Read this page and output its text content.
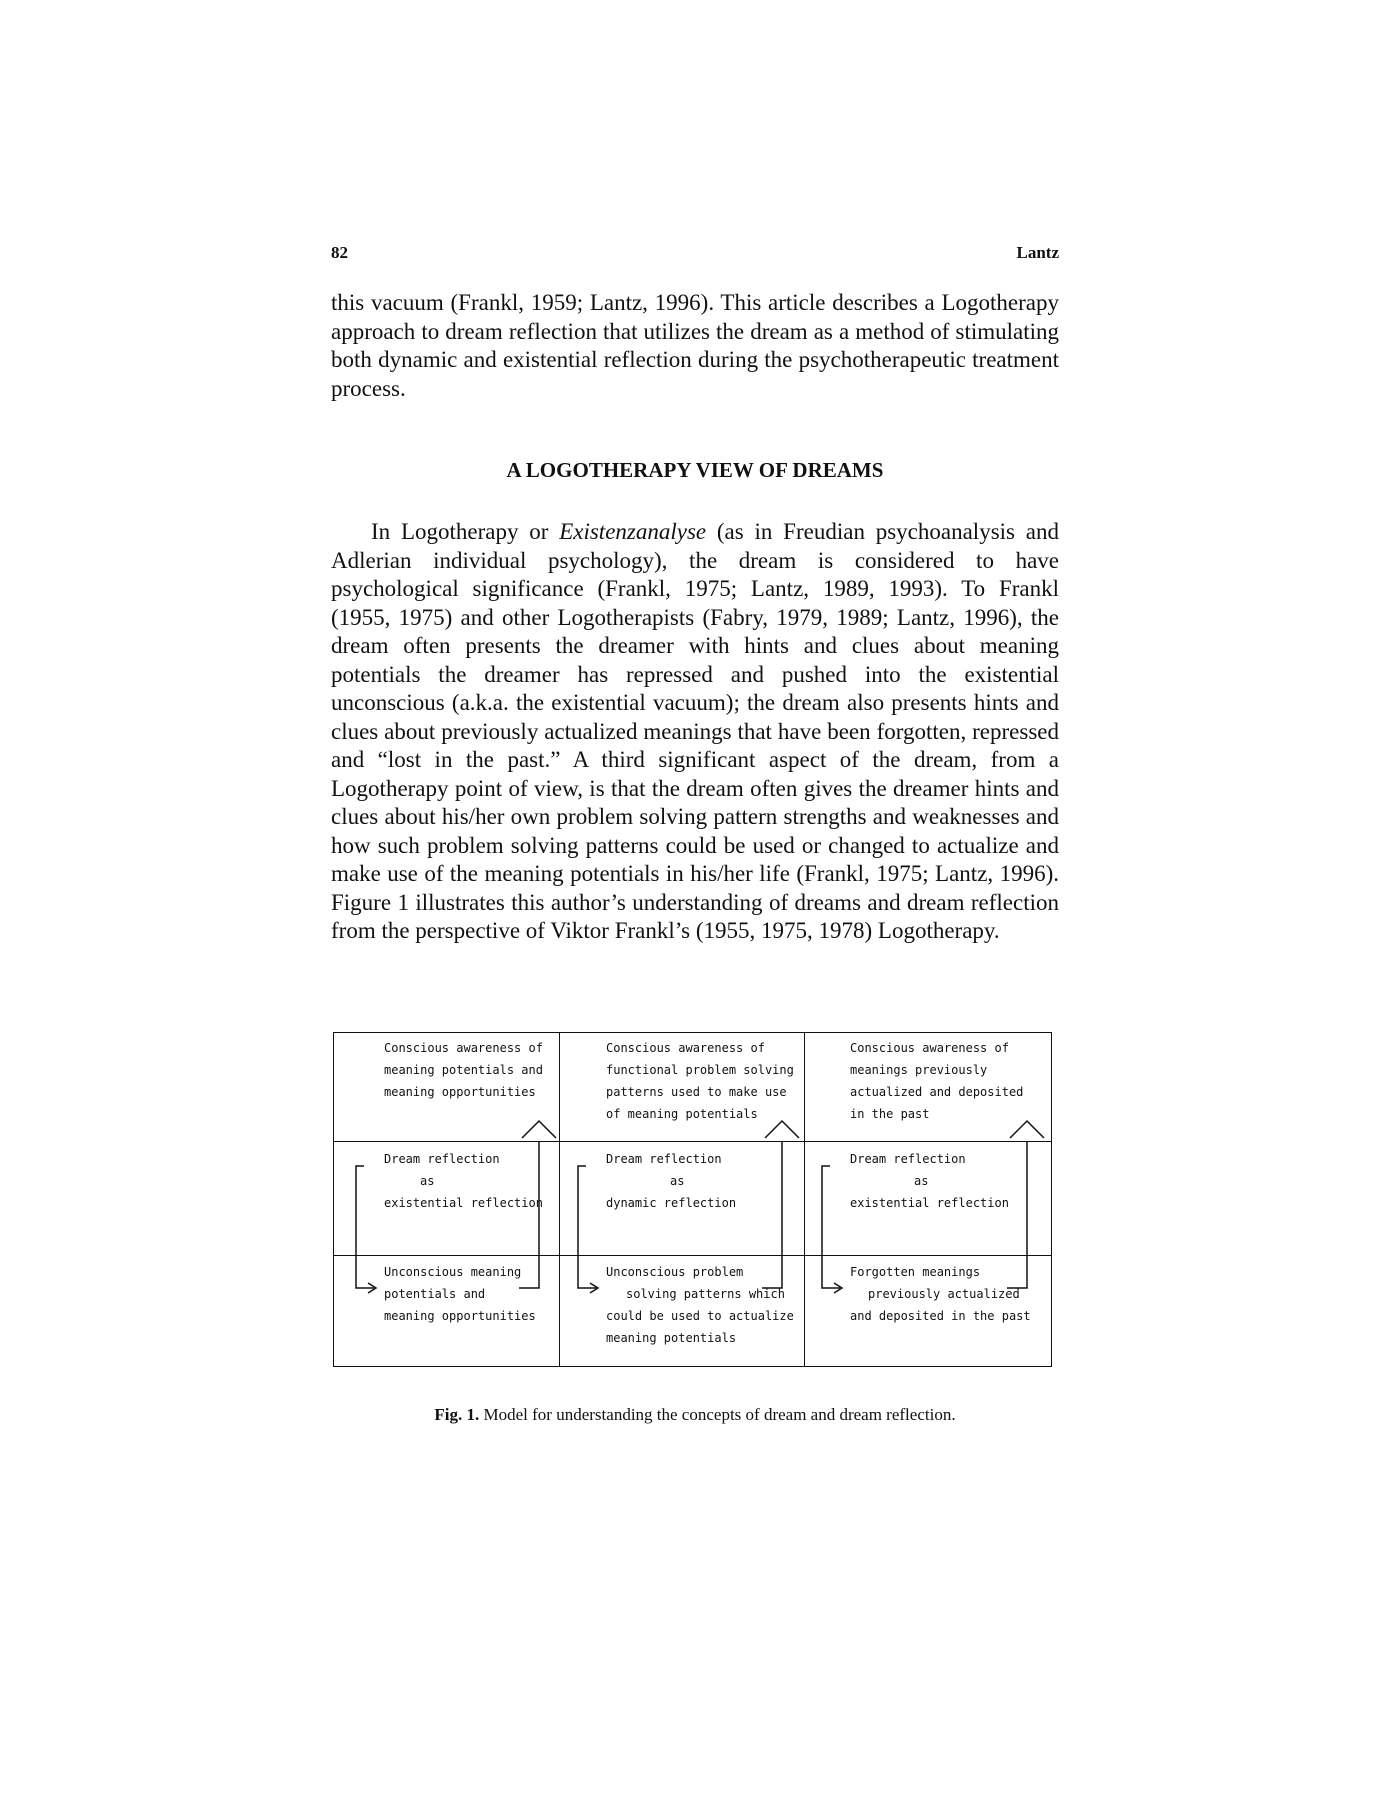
82	Lantz

this vacuum (Frankl, 1959; Lantz, 1996). This article describes a Logotherapy approach to dream reflection that utilizes the dream as a method of stimulating both dynamic and existential reflection during the psychotherapeutic treatment process.

A LOGOTHERAPY VIEW OF DREAMS

In Logotherapy or Existenzanalyse (as in Freudian psychoanalysis and Adlerian individual psychology), the dream is considered to have psychological significance (Frankl, 1975; Lantz, 1989, 1993). To Frankl (1955, 1975) and other Logotherapists (Fabry, 1979, 1989; Lantz, 1996), the dream often presents the dreamer with hints and clues about meaning potentials the dreamer has repressed and pushed into the existential unconscious (a.k.a. the existential vacuum); the dream also presents hints and clues about previously actualized meanings that have been forgotten, repressed and “lost in the past.” A third significant aspect of the dream, from a Logotherapy point of view, is that the dream often gives the dreamer hints and clues about his/her own problem solving pattern strengths and weaknesses and how such problem solving patterns could be used or changed to actualize and make use of the meaning potentials in his/her life (Frankl, 1975; Lantz, 1996). Figure 1 illustrates this author’s understanding of dreams and dream reflection from the perspective of Viktor Frankl’s (1955, 1975, 1978) Logotherapy.

Conscious awareness of
meaning potentials and
meaning opportunities
Dream reflection
as
existential reflection
Unconscious meaning
potentials and
meaning opportunities
Conscious awareness of
functional problem solving
patterns used to make use
of meaning potentials
Dream reflection
as
dynamic reflection
Unconscious problem
solving patterns which
could be used to actualize
meaning potentials
Conscious awareness of
meanings previously
actualized and deposited
in the past
Dream reflection
as
existential reflection
Forgotten meanings
previously actualized
and deposited in the past

Fig. 1. Model for understanding the concepts of dream and dream reflection.
